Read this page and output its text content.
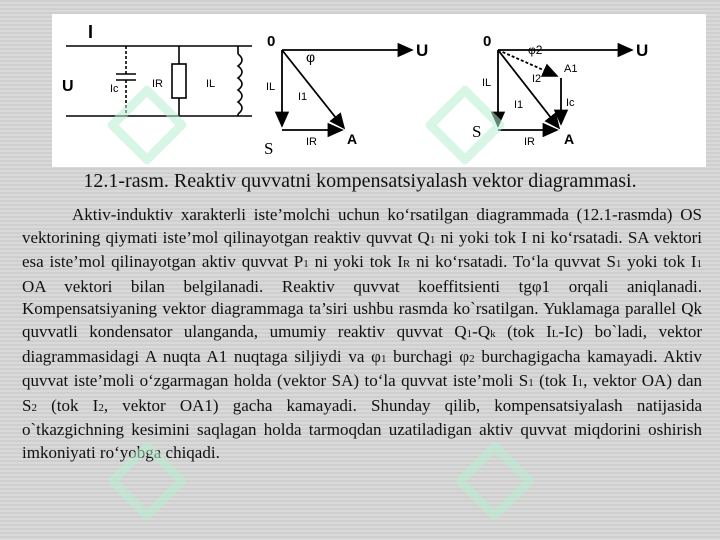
I
U	Ic	IR	IL
0	U
φ
IL
I1
IR
S	A
0	U
φ2
A1
IL	I2
I1	Ic
IR
S	A
12.1-rasm. Reaktiv quvvatni kompensatsiyalash vektor diagrammasi.

Aktiv-induktiv xarakterli iste’molchi uchun ko‘rsatilgan diagrammada (12.1-rasmda) OS vektorining qiymati iste’mol qilinayotgan reaktiv quvvat Q1 ni yoki tok I ni ko‘rsatadi. SA vektori esa iste’mol qilinayotgan aktiv quvvat P1 ni yoki tok IR ni ko‘rsatadi. To‘la quvvat S1 yoki tok I1 OA vektori bilan belgilanadi. Reaktiv quvvat koeffitsienti tgφ1 orqali aniqlanadi. Kompensatsiyaning vektor diagrammaga ta’siri ushbu rasmda ko`rsatilgan. Yuklamaga parallel Qk quvvatli kondensator ulanganda, umumiy reaktiv quvvat Q1-Qk (tok IL-Ic) bo`ladi, vektor diagrammasidagi A nuqta A1 nuqtaga siljiydi va φ1 burchagi φ2 burchagigacha kamayadi. Aktiv quvvat iste’moli o‘zgarmagan holda (vektor SA) to‘la quvvat iste’moli S1 (tok I1, vektor OA) dan S2 (tok I2, vektor OA1) gacha kamayadi. Shunday qilib, kompensatsiyalash natijasida o`tkazgichning kesimini saqlagan holda tarmoqdan uzatiladigan aktiv quvvat miqdorini oshirish imkoniyati ro‘yobga chiqadi.
